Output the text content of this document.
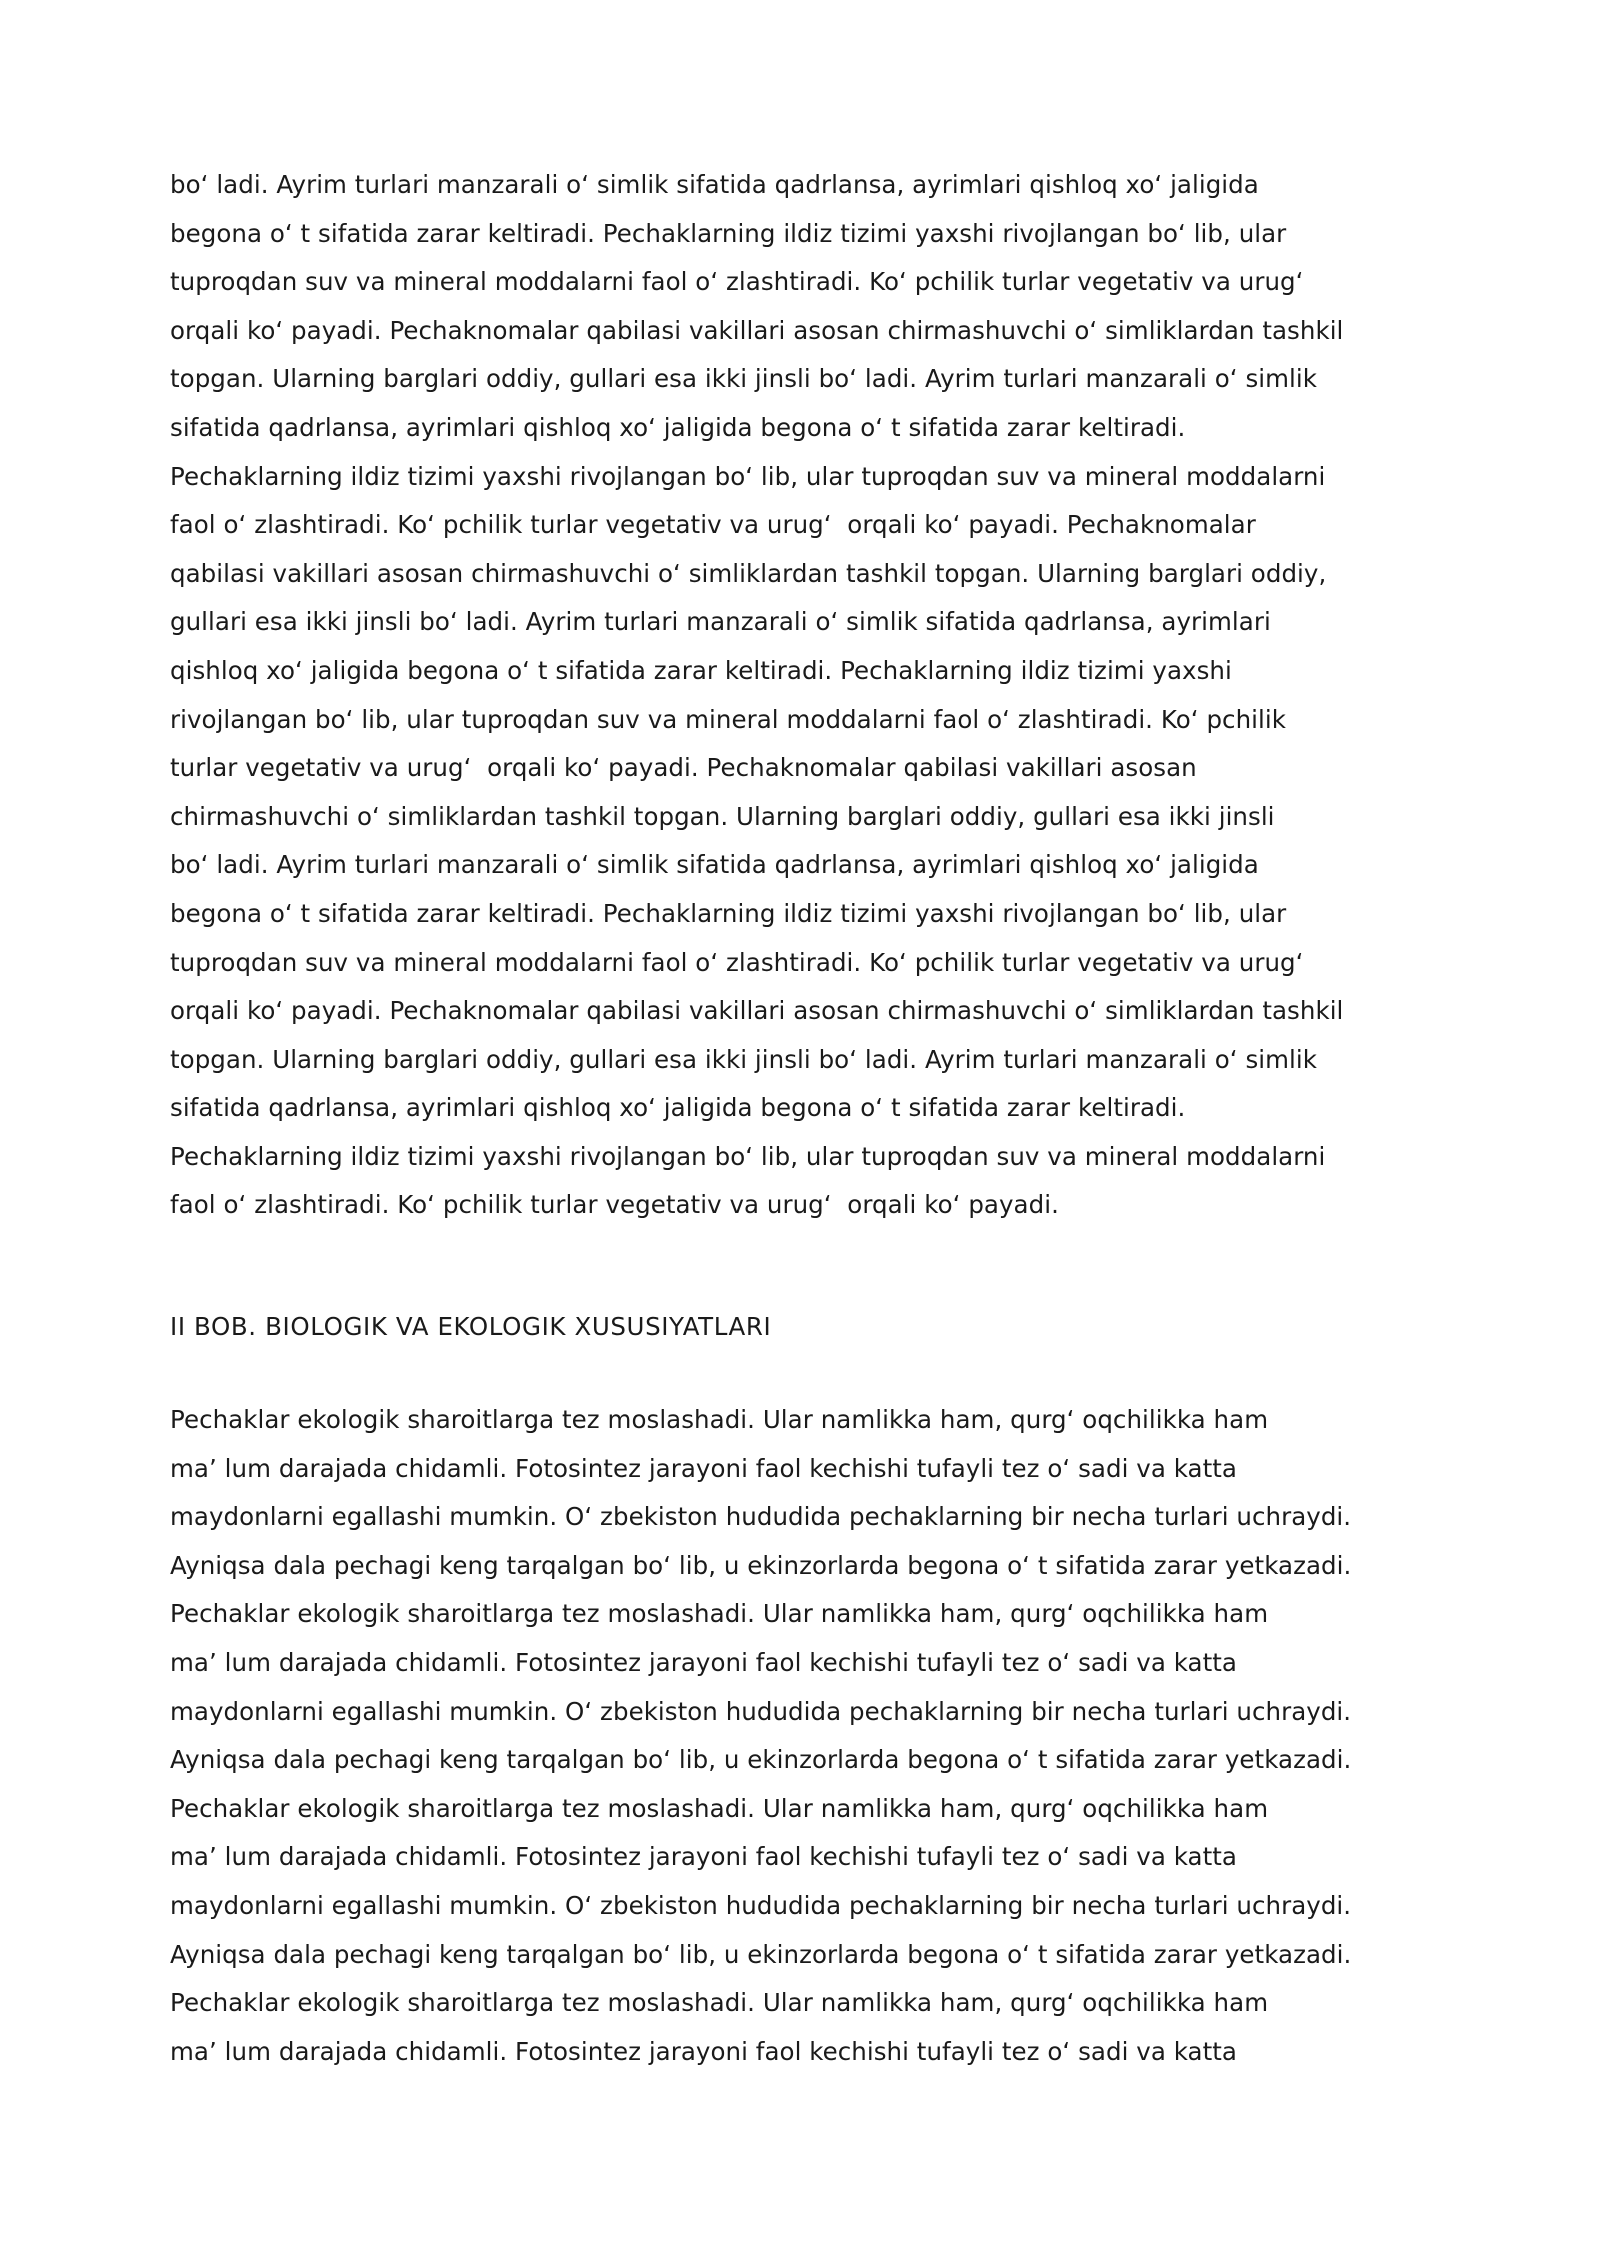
bo‘ ladi. Ayrim turlari manzarali o‘ simlik sifatida qadrlansa, ayrimlari qishloq xo‘ jaligida
begona o‘ t sifatida zarar keltiradi. Pechaklarning ildiz tizimi yaxshi rivojlangan bo‘ lib, ular
tuproqdan suv va mineral moddalarni faol o‘ zlashtiradi. Ko‘ pchilik turlar vegetativ va urug‘
orqali ko‘ payadi. Pechaknomalar qabilasi vakillari asosan chirmashuvchi o‘ simliklardan tashkil
topgan. Ularning barglari oddiy, gullari esa ikki jinsli bo‘ ladi. Ayrim turlari manzarali o‘ simlik
sifatida qadrlansa, ayrimlari qishloq xo‘ jaligida begona o‘ t sifatida zarar keltiradi.
Pechaklarning ildiz tizimi yaxshi rivojlangan bo‘ lib, ular tuproqdan suv va mineral moddalarni
faol o‘ zlashtiradi. Ko‘ pchilik turlar vegetativ va urug‘  orqali ko‘ payadi. Pechaknomalar
qabilasi vakillari asosan chirmashuvchi o‘ simliklardan tashkil topgan. Ularning barglari oddiy,
gullari esa ikki jinsli bo‘ ladi. Ayrim turlari manzarali o‘ simlik sifatida qadrlansa, ayrimlari
qishloq xo‘ jaligida begona o‘ t sifatida zarar keltiradi. Pechaklarning ildiz tizimi yaxshi
rivojlangan bo‘ lib, ular tuproqdan suv va mineral moddalarni faol o‘ zlashtiradi. Ko‘ pchilik
turlar vegetativ va urug‘  orqali ko‘ payadi. Pechaknomalar qabilasi vakillari asosan
chirmashuvchi o‘ simliklardan tashkil topgan. Ularning barglari oddiy, gullari esa ikki jinsli
bo‘ ladi. Ayrim turlari manzarali o‘ simlik sifatida qadrlansa, ayrimlari qishloq xo‘ jaligida
begona o‘ t sifatida zarar keltiradi. Pechaklarning ildiz tizimi yaxshi rivojlangan bo‘ lib, ular
tuproqdan suv va mineral moddalarni faol o‘ zlashtiradi. Ko‘ pchilik turlar vegetativ va urug‘
orqali ko‘ payadi. Pechaknomalar qabilasi vakillari asosan chirmashuvchi o‘ simliklardan tashkil
topgan. Ularning barglari oddiy, gullari esa ikki jinsli bo‘ ladi. Ayrim turlari manzarali o‘ simlik
sifatida qadrlansa, ayrimlari qishloq xo‘ jaligida begona o‘ t sifatida zarar keltiradi.
Pechaklarning ildiz tizimi yaxshi rivojlangan bo‘ lib, ular tuproqdan suv va mineral moddalarni
faol o‘ zlashtiradi. Ko‘ pchilik turlar vegetativ va urug‘  orqali ko‘ payadi.
II BOB. BIOLOGIK VA EKOLOGIK XUSUSIYATLARI
Pechaklar ekologik sharoitlarga tez moslashadi. Ular namlikka ham, qurg‘ oqchilikka ham
ma’ lum darajada chidamli. Fotosintez jarayoni faol kechishi tufayli tez o‘ sadi va katta
maydonlarni egallashi mumkin. O‘ zbekiston hududida pechaklarning bir necha turlari uchraydi.
Ayniqsa dala pechagi keng tarqalgan bo‘ lib, u ekinzorlarda begona o‘ t sifatida zarar yetkazadi.
Pechaklar ekologik sharoitlarga tez moslashadi. Ular namlikka ham, qurg‘ oqchilikka ham
ma’ lum darajada chidamli. Fotosintez jarayoni faol kechishi tufayli tez o‘ sadi va katta
maydonlarni egallashi mumkin. O‘ zbekiston hududida pechaklarning bir necha turlari uchraydi.
Ayniqsa dala pechagi keng tarqalgan bo‘ lib, u ekinzorlarda begona o‘ t sifatida zarar yetkazadi.
Pechaklar ekologik sharoitlarga tez moslashadi. Ular namlikka ham, qurg‘ oqchilikka ham
ma’ lum darajada chidamli. Fotosintez jarayoni faol kechishi tufayli tez o‘ sadi va katta
maydonlarni egallashi mumkin. O‘ zbekiston hududida pechaklarning bir necha turlari uchraydi.
Ayniqsa dala pechagi keng tarqalgan bo‘ lib, u ekinzorlarda begona o‘ t sifatida zarar yetkazadi.
Pechaklar ekologik sharoitlarga tez moslashadi. Ular namlikka ham, qurg‘ oqchilikka ham
ma’ lum darajada chidamli. Fotosintez jarayoni faol kechishi tufayli tez o‘ sadi va katta
